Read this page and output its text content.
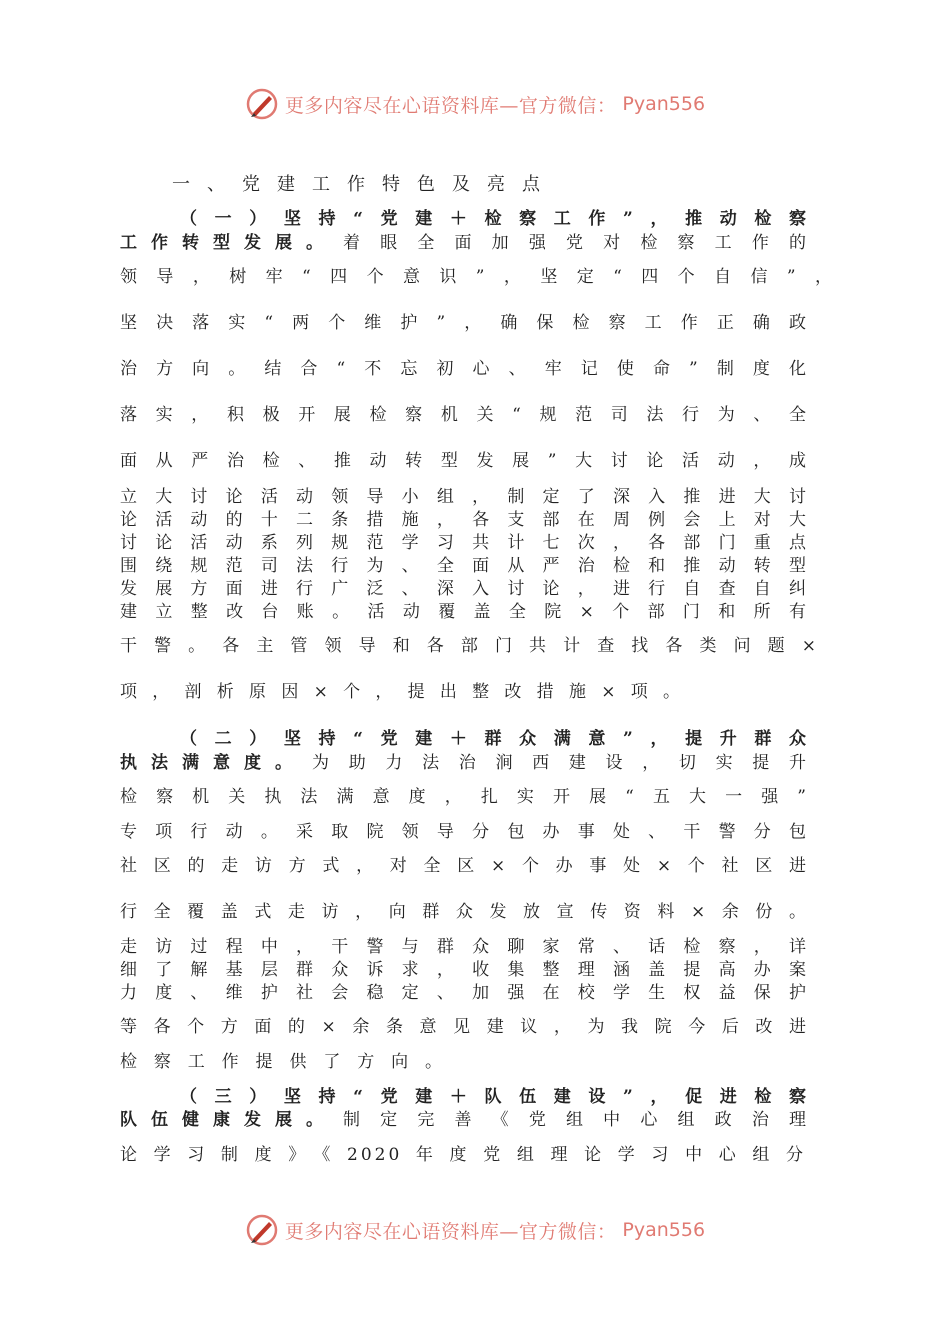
更多内容尽在心语资料库—官方微信： Pyan556
一、党建工作特色及亮点
（一）坚持“党建＋检察工作”，推动检察
工作转型发展。 着眼全面加强党对检察工作的
领导，树牢“四个意识”，坚定“四个自信”，
坚决落实“两个维护”，确保检察工作正确政
治方向。结合“不忘初心、牢记使命”制度化
落实，积极开展检察机关“规范司法行为、全
面从严治检、推动转型发展”大讨论活动，成
立大讨论活动领导小组，制定了深入推进大讨
论活动的十二条措施，各支部在周例会上对大
讨论活动系列规范学习共计七次，各部门重点
围绕规范司法行为、全面从严治检和推动转型
发展方面进行广泛、深入讨论，进行自查自纠
建立整改台账。活动覆盖全院×个部门和所有
干警。各主管领导和各部门共计查找各类问题×
项，剖析原因×个，提出整改措施×项。
（二）坚持“党建＋群众满意”，提升群众
执法满意度。 为助力法治涧西建设，切实提升
检察机关执法满意度，扎实开展“五大一强”
专项行动。采取院领导分包办事处、干警分包
社区的走访方式，对全区×个办事处×个社区进
行全覆盖式走访，向群众发放宣传资料×余份。
走访过程中，干警与群众聊家常、话检察，详
细了解基层群众诉求，收集整理涵盖提高办案
力度、维护社会稳定、加强在校学生权益保护
等各个方面的×余条意见建议，为我院今后改进
检察工作提供了方向。
（三）坚持“党建＋队伍建设”，促进检察
队伍健康发展。 制定完善《党组中心组政治理
论学习制度》《2020年度党组理论学习中心组分
更多内容尽在心语资料库—官方微信： Pyan556
